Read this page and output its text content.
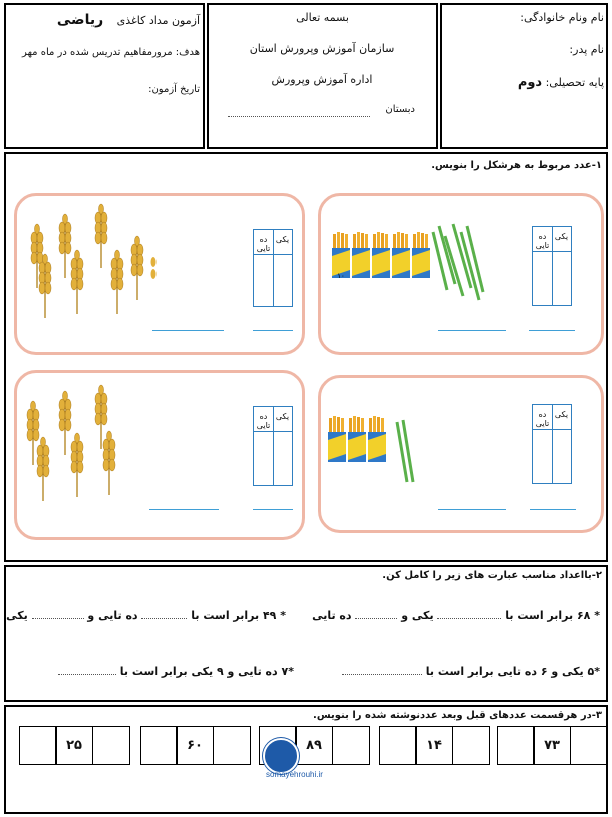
آزمون مداد کاغذی ریاضی
هدف: مرورمفاهیم تدریس شده در ماه مهر
تاریخ آزمون:
بسمه تعالی
سازمان آموزش وپرورش استان
اداره آموزش وپرورش
دبستان
نام ونام خانوادگی:
نام پدر:
پایه تحصیلی: دوم
۱-عدد مربوط به هرشکل را بنویس.
یکی
ده تایی
۱۰
یکی
ده تایی
یکی
ده تایی
یکی
ده تایی
۲-بااعداد مناسب عبارت های زیر را کامل کن.
* ۶۸ برابر است با  یکی و  ده تایی
* ۴۹ برابر است با  ده تایی و  یکی
*۵ یکی و ۶ ده تایی برابر است با
*۷ ده تایی و ۹ یکی برابر است با
۳-در هرقسمت عددهای قبل وبعد عددنوشته شده را بنویس.
۷۳
۱۴
۸۹
۶۰
۲۵
somayehrouhi.ir
